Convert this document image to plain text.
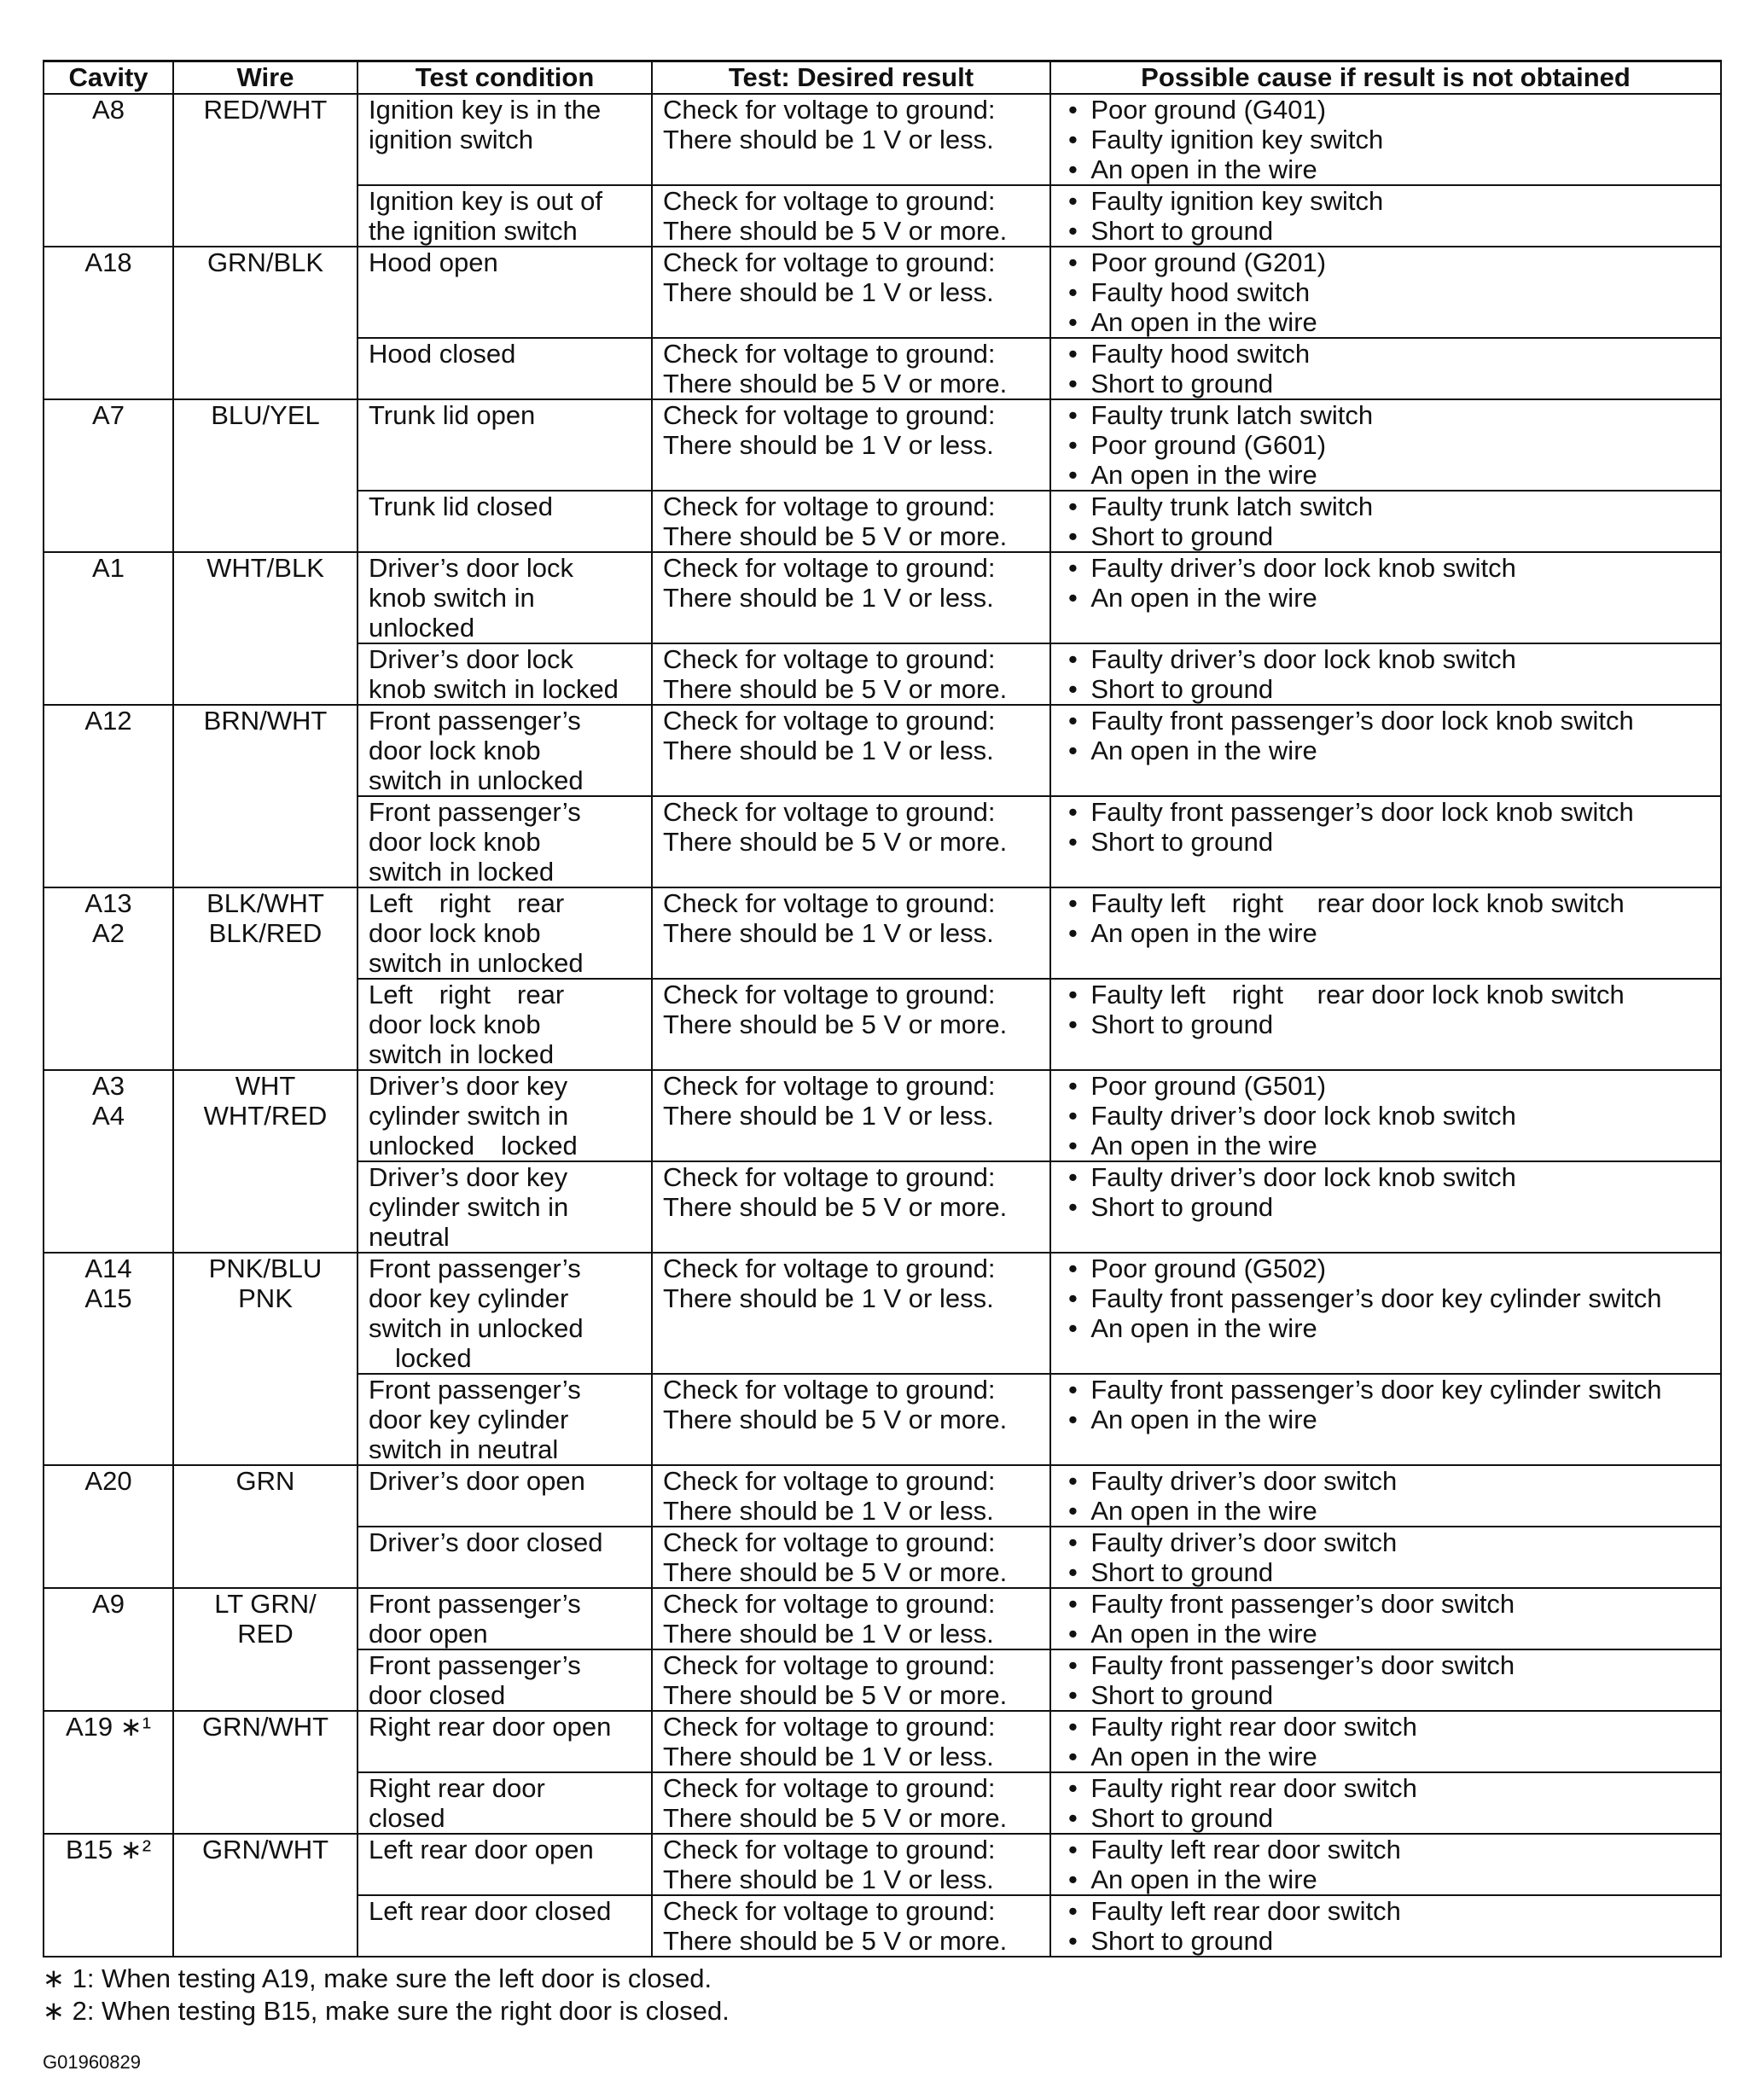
Cavity	Wire	Test condition	Test: Desired result	Possible cause if result is not obtained

A8	RED/WHT	Ignition key is in the
ignition switch	Check for voltage to ground:
There should be 1 V or less.	• Poor ground (G401)
• Faulty ignition key switch
• An open in the wire

		Ignition key is out of
the ignition switch	Check for voltage to ground:
There should be 5 V or more.	• Faulty ignition key switch
• Short to ground

A18	GRN/BLK	Hood open	Check for voltage to ground:
There should be 1 V or less.	• Poor ground (G201)
• Faulty hood switch
• An open in the wire

		Hood closed	Check for voltage to ground:
There should be 5 V or more.	• Faulty hood switch
• Short to ground

A7	BLU/YEL	Trunk lid open	Check for voltage to ground:
There should be 1 V or less.	• Faulty trunk latch switch
• Poor ground (G601)
• An open in the wire

		Trunk lid closed	Check for voltage to ground:
There should be 5 V or more.	• Faulty trunk latch switch
• Short to ground

A1	WHT/BLK	Driver’s door lock
knob switch in
unlocked	Check for voltage to ground:
There should be 1 V or less.	• Faulty driver’s door lock knob switch
• An open in the wire

		Driver’s door lock
knob switch in locked	Check for voltage to ground:
There should be 5 V or more.	• Faulty driver’s door lock knob switch
• Short to ground

A12	BRN/WHT	Front passenger’s
door lock knob
switch in unlocked	Check for voltage to ground:
There should be 1 V or less.	• Faulty front passenger’s door lock knob switch
• An open in the wire

		Front passenger’s
door lock knob
switch in locked	Check for voltage to ground:
There should be 5 V or more.	• Faulty front passenger’s door lock knob switch
• Short to ground

A13
A2	BLK/WHT
BLK/RED	Left  right  rear
door lock knob
switch in unlocked	Check for voltage to ground:
There should be 1 V or less.	• Faulty left  right   rear door lock knob switch
• An open in the wire

		Left  right  rear
door lock knob
switch in locked	Check for voltage to ground:
There should be 5 V or more.	• Faulty left  right   rear door lock knob switch
• Short to ground

A3
A4	WHT
WHT/RED	Driver’s door key
cylinder switch in
unlocked  locked	Check for voltage to ground:
There should be 1 V or less.	• Poor ground (G501)
• Faulty driver’s door lock knob switch
• An open in the wire

		Driver’s door key
cylinder switch in
neutral	Check for voltage to ground:
There should be 5 V or more.	• Faulty driver’s door lock knob switch
• Short to ground

A14
A15	PNK/BLU
PNK	Front passenger’s
door key cylinder
switch in unlocked
 locked	Check for voltage to ground:
There should be 1 V or less.	• Poor ground (G502)
• Faulty front passenger’s door key cylinder switch
• An open in the wire

		Front passenger’s
door key cylinder
switch in neutral	Check for voltage to ground:
There should be 5 V or more.	• Faulty front passenger’s door key cylinder switch
• An open in the wire

A20	GRN	Driver’s door open	Check for voltage to ground:
There should be 1 V or less.	• Faulty driver’s door switch
• An open in the wire

		Driver’s door closed	Check for voltage to ground:
There should be 5 V or more.	• Faulty driver’s door switch
• Short to ground

A9	LT GRN/
RED	Front passenger’s
door open	Check for voltage to ground:
There should be 1 V or less.	• Faulty front passenger’s door switch
• An open in the wire

		Front passenger’s
door closed	Check for voltage to ground:
There should be 5 V or more.	• Faulty front passenger’s door switch
• Short to ground

A19 ∗¹	GRN/WHT	Right rear door open	Check for voltage to ground:
There should be 1 V or less.	• Faulty right rear door switch
• An open in the wire

		Right rear door
closed	Check for voltage to ground:
There should be 5 V or more.	• Faulty right rear door switch
• Short to ground

B15 ∗²	GRN/WHT	Left rear door open	Check for voltage to ground:
There should be 1 V or less.	• Faulty left rear door switch
• An open in the wire

		Left rear door closed	Check for voltage to ground:
There should be 5 V or more.	• Faulty left rear door switch
• Short to ground
∗ 1: When testing A19, make sure the left door is closed.
∗ 2: When testing B15, make sure the right door is closed.
G01960829
